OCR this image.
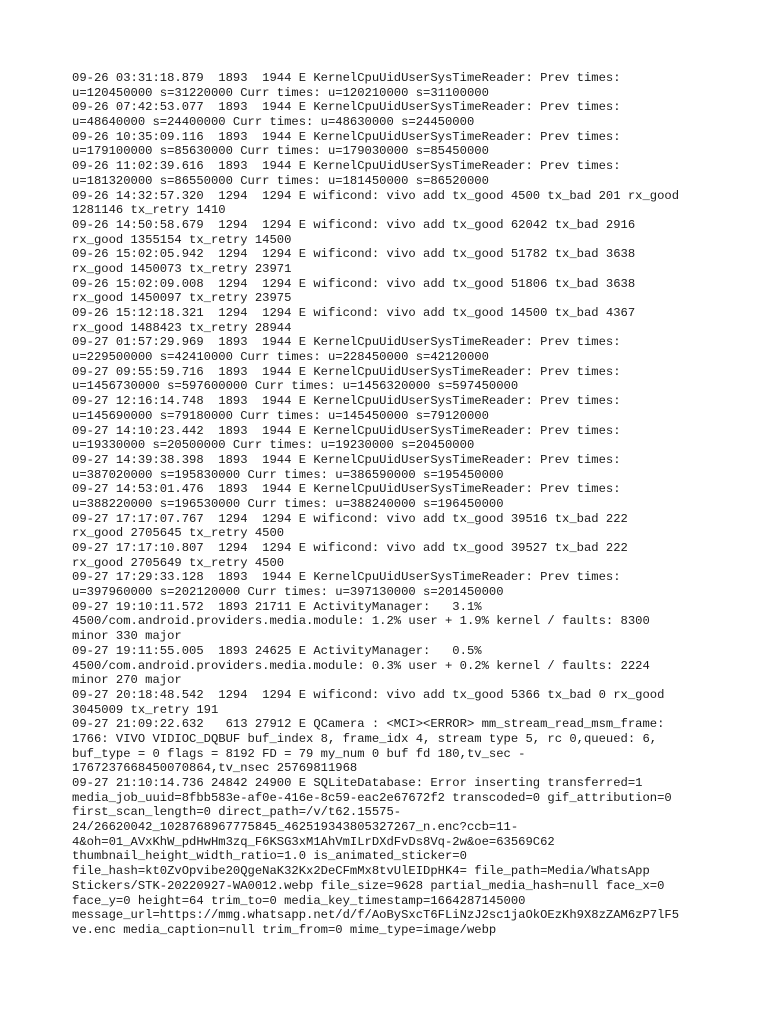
09-26 03:31:18.879  1893  1944 E KernelCpuUidUserSysTimeReader: Prev times:
u=120450000 s=31220000 Curr times: u=120210000 s=31100000
09-26 07:42:53.077  1893  1944 E KernelCpuUidUserSysTimeReader: Prev times:
u=48640000 s=24400000 Curr times: u=48630000 s=24450000
09-26 10:35:09.116  1893  1944 E KernelCpuUidUserSysTimeReader: Prev times:
u=179100000 s=85630000 Curr times: u=179030000 s=85450000
09-26 11:02:39.616  1893  1944 E KernelCpuUidUserSysTimeReader: Prev times:
u=181320000 s=86550000 Curr times: u=181450000 s=86520000
09-26 14:32:57.320  1294  1294 E wificond: vivo add tx_good 4500 tx_bad 201 rx_good
1281146 tx_retry 1410
09-26 14:50:58.679  1294  1294 E wificond: vivo add tx_good 62042 tx_bad 2916
rx_good 1355154 tx_retry 14500
09-26 15:02:05.942  1294  1294 E wificond: vivo add tx_good 51782 tx_bad 3638
rx_good 1450073 tx_retry 23971
09-26 15:02:09.008  1294  1294 E wificond: vivo add tx_good 51806 tx_bad 3638
rx_good 1450097 tx_retry 23975
09-26 15:12:18.321  1294  1294 E wificond: vivo add tx_good 14500 tx_bad 4367
rx_good 1488423 tx_retry 28944
09-27 01:57:29.969  1893  1944 E KernelCpuUidUserSysTimeReader: Prev times:
u=229500000 s=42410000 Curr times: u=228450000 s=42120000
09-27 09:55:59.716  1893  1944 E KernelCpuUidUserSysTimeReader: Prev times:
u=1456730000 s=597600000 Curr times: u=1456320000 s=597450000
09-27 12:16:14.748  1893  1944 E KernelCpuUidUserSysTimeReader: Prev times:
u=145690000 s=79180000 Curr times: u=145450000 s=79120000
09-27 14:10:23.442  1893  1944 E KernelCpuUidUserSysTimeReader: Prev times:
u=19330000 s=20500000 Curr times: u=19230000 s=20450000
09-27 14:39:38.398  1893  1944 E KernelCpuUidUserSysTimeReader: Prev times:
u=387020000 s=195830000 Curr times: u=386590000 s=195450000
09-27 14:53:01.476  1893  1944 E KernelCpuUidUserSysTimeReader: Prev times:
u=388220000 s=196530000 Curr times: u=388240000 s=196450000
09-27 17:17:07.767  1294  1294 E wificond: vivo add tx_good 39516 tx_bad 222
rx_good 2705645 tx_retry 4500
09-27 17:17:10.807  1294  1294 E wificond: vivo add tx_good 39527 tx_bad 222
rx_good 2705649 tx_retry 4500
09-27 17:29:33.128  1893  1944 E KernelCpuUidUserSysTimeReader: Prev times:
u=397960000 s=202120000 Curr times: u=397130000 s=201450000
09-27 19:10:11.572  1893 21711 E ActivityManager:   3.1%
4500/com.android.providers.media.module: 1.2% user + 1.9% kernel / faults: 8300
minor 330 major
09-27 19:11:55.005  1893 24625 E ActivityManager:   0.5%
4500/com.android.providers.media.module: 0.3% user + 0.2% kernel / faults: 2224
minor 270 major
09-27 20:18:48.542  1294  1294 E wificond: vivo add tx_good 5366 tx_bad 0 rx_good
3045009 tx_retry 191
09-27 21:09:22.632   613 27912 E QCamera : <MCI><ERROR> mm_stream_read_msm_frame:
1766: VIVO VIDIOC_DQBUF buf_index 8, frame_idx 4, stream type 5, rc 0,queued: 6,
buf_type = 0 flags = 8192 FD = 79 my_num 0 buf fd 180,tv_sec -
1767237668450070864,tv_nsec 25769811968
09-27 21:10:14.736 24842 24900 E SQLiteDatabase: Error inserting transferred=1
media_job_uuid=8fbb583e-af0e-416e-8c59-eac2e67672f2 transcoded=0 gif_attribution=0
first_scan_length=0 direct_path=/v/t62.15575-
24/26620042_1028768967775845_462519343805327267_n.enc?ccb=11-
4&oh=01_AVxKhW_pdHwHm3zq_F6KSG3xM1AhVmILrDXdFvDs8Vq-2w&oe=63569C62
thumbnail_height_width_ratio=1.0 is_animated_sticker=0
file_hash=kt0ZvOpvibe20QgeNaK32Kx2DeCFmMx8tvUlEIDpHK4= file_path=Media/WhatsApp
Stickers/STK-20220927-WA0012.webp file_size=9628 partial_media_hash=null face_x=0
face_y=0 height=64 trim_to=0 media_key_timestamp=1664287145000
message_url=https://mmg.whatsapp.net/d/f/AoBySxcT6FLiNzJ2sc1jaOkOEzKh9X8zZAM6zP7lF5
ve.enc media_caption=null trim_from=0 mime_type=image/webp
